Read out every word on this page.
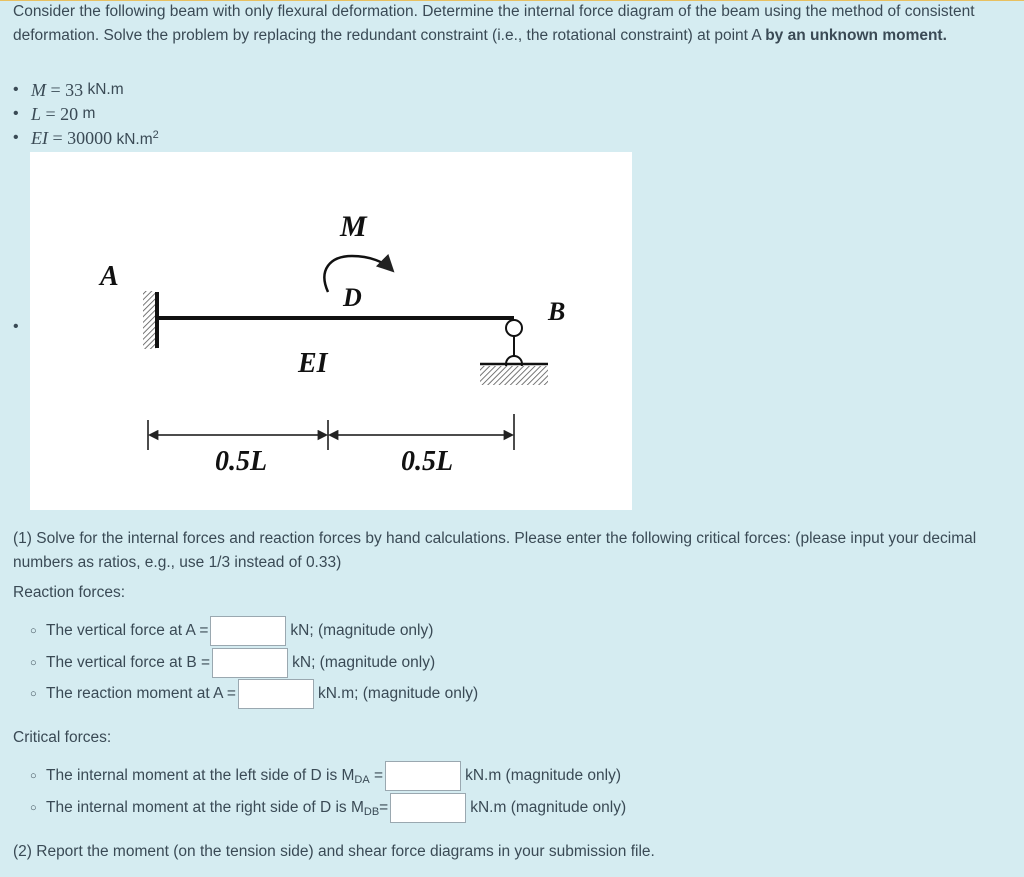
Consider the following beam with only flexural deformation. Determine the internal force diagram of the beam using the method of consistent deformation. Solve the problem by replacing the redundant constraint (i.e., the rotational constraint) at point A by an unknown moment.
• M = 33
kN.m
• L = 20
m
• EI = 30000
$kN.m^2$
•
A
M
D	B
EI
0.5L	0.5L
(1) Solve for the internal forces and reaction forces by hand calculations. Please enter the following critical forces: (please input your decimal numbers as ratios, e.g., use 1/3 instead of 0.33)
Reaction forces:
○ The vertical force at A =	kN; (magnitude only)
○ The vertical force at B =	kN; (magnitude only)
○ The reaction moment at A =	kN.m; (magnitude only)
Critical forces:
○ The internal moment at the left side of D is $M_{DA}$ =	kN.m (magnitude only)
○ The internal moment at the right side of D is $M_{DB}=$	kN.m (magnitude only)
(2) Report the moment (on the tension side) and shear force diagrams in your submission file.
